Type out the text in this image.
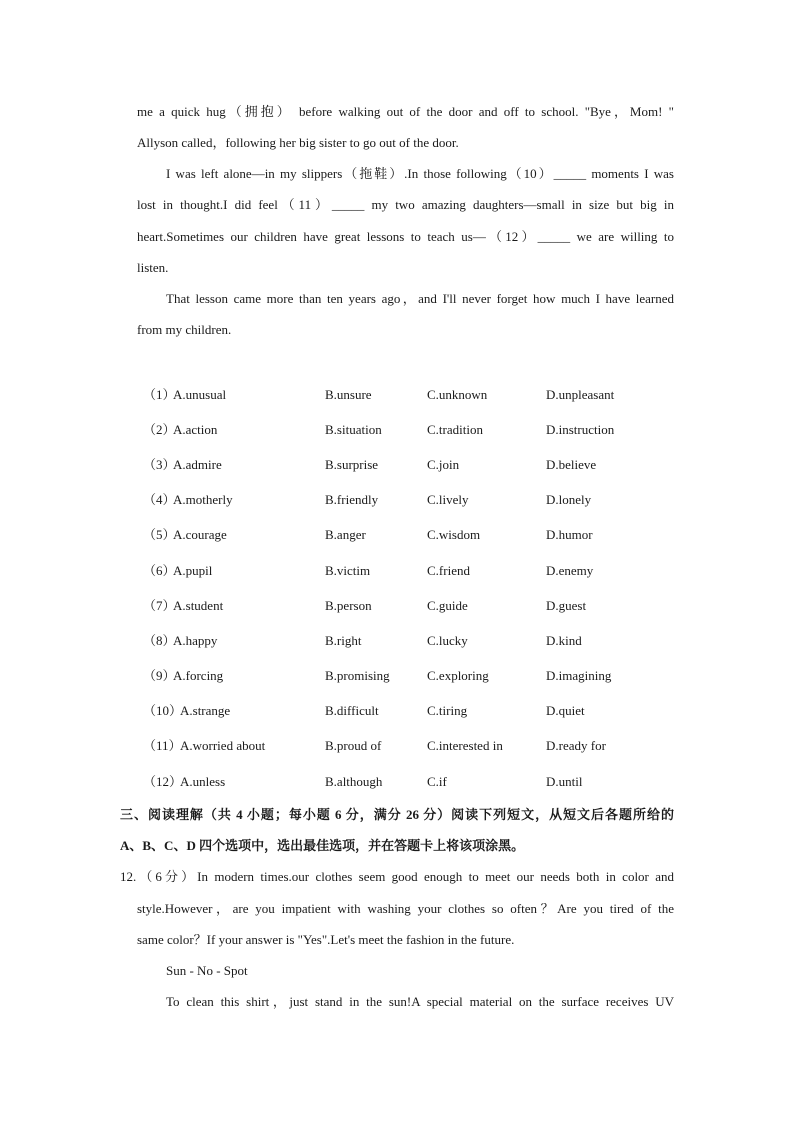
me a quick hug（拥抱） before walking out of the door and off to school. "Bye，Mom! "
Allyson called，following her big sister to go out of the door.
I was left alone—in my slippers（拖鞋）.In those following（10）_____ moments I was
lost in thought.I did feel（11）_____ my two amazing daughters—small in size but big in
heart.Sometimes our children have great lessons to teach us—（12）_____ we are willing to
listen.
That lesson came more than ten years ago，and I'll never forget how much I have learned
from my children.
（1）
A.unusual	B.unsure	C.unknown	D.unpleasant
（2）
A.action	B.situation	C.tradition	D.instruction
（3）
A.admire	B.surprise	C.join	D.believe
（4）
A.motherly	B.friendly	C.lively	D.lonely
（5）
A.courage	B.anger	C.wisdom	D.humor
（6）
A.pupil	B.victim	C.friend	D.enemy
（7）
A.student	B.person	C.guide	D.guest
（8）
A.happy	B.right	C.lucky	D.kind
（9）
A.forcing	B.promising	C.exploring	D.imagining
（10）
A.strange	B.difficult	C.tiring	D.quiet
（11）
A.worried about	B.proud of	C.interested in	D.ready for
（12）
A.unless	B.although	C.if	D.until
三、阅读理解（共 4 小题；每小题 6 分，满分 26 分）阅读下列短文，从短文后各题所给的
A、B、C、D 四个选项中，选出最佳选项，并在答题卡上将该项涂黑。
12.（6分）In modern times.our clothes seem good enough to meet our needs both in color and
style.However，are you impatient with washing your clothes so often？Are you tired of the
same color？If your answer is "Yes".Let's meet the fashion in the future.
Sun - No - Spot
To clean this shirt，just stand in the sun!A special material on the surface receives UV
